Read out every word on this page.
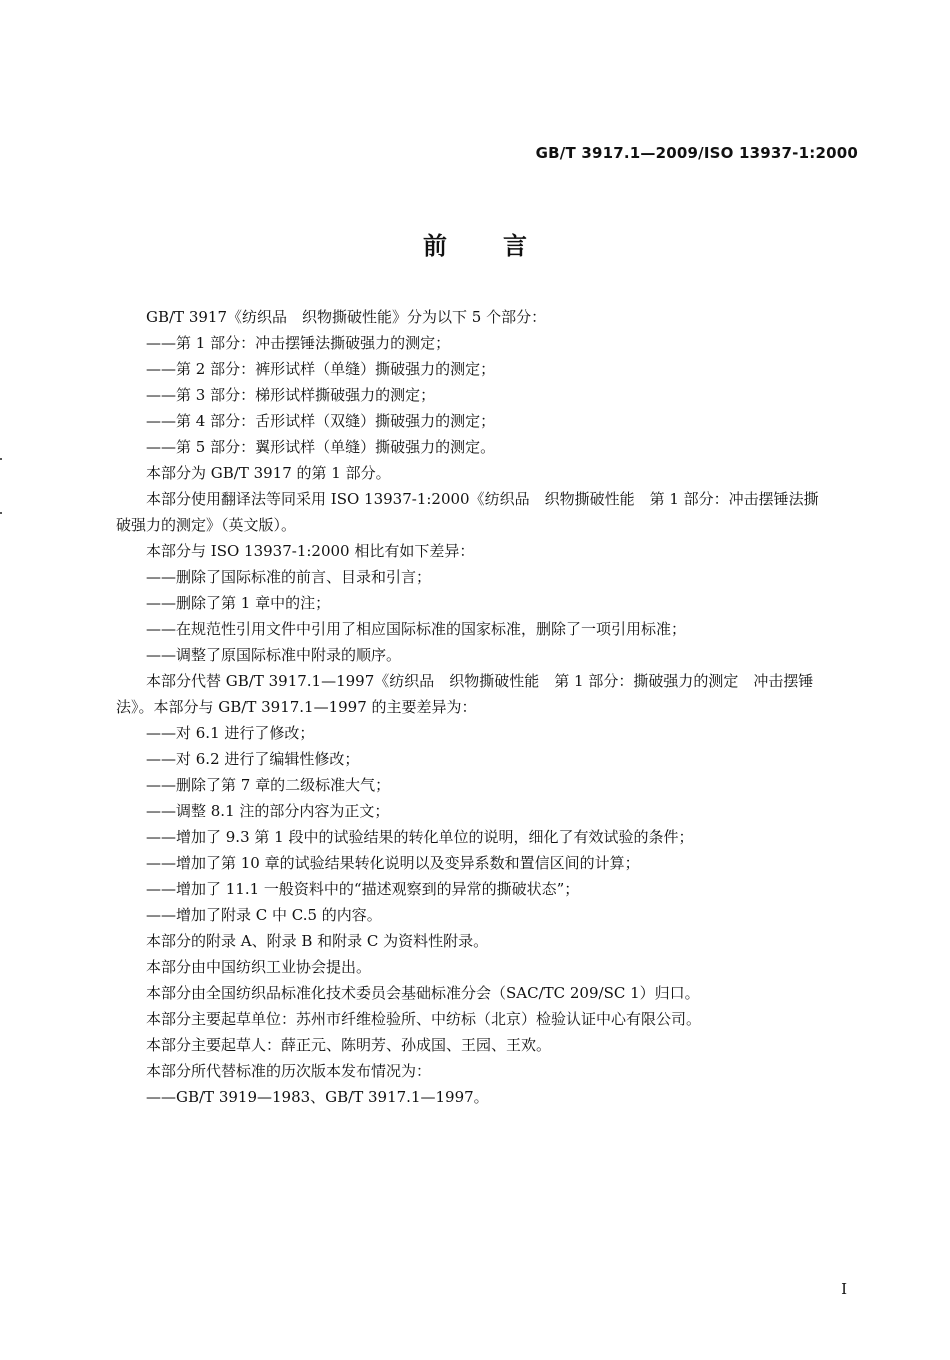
GB/T 3917.1—2009/ISO 13937-1:2000
前言
GB/T 3917《纺织品　织物撕破性能》分为以下 5 个部分：
——第 1 部分：冲击摆锤法撕破强力的测定；
——第 2 部分：裤形试样（单缝）撕破强力的测定；
——第 3 部分：梯形试样撕破强力的测定；
——第 4 部分：舌形试样（双缝）撕破强力的测定；
——第 5 部分：翼形试样（单缝）撕破强力的测定。
本部分为 GB/T 3917 的第 1 部分。
本部分使用翻译法等同采用 ISO 13937-1:2000《纺织品　织物撕破性能　第 1 部分：冲击摆锤法撕
破强力的测定》（英文版）。
本部分与 ISO 13937-1:2000 相比有如下差异：
——删除了国际标准的前言、目录和引言；
——删除了第 1 章中的注；
——在规范性引用文件中引用了相应国际标准的国家标准，删除了一项引用标准；
——调整了原国际标准中附录的顺序。
本部分代替 GB/T 3917.1—1997《纺织品　织物撕破性能　第 1 部分：撕破强力的测定　冲击摆锤
法》。本部分与 GB/T 3917.1—1997 的主要差异为：
——对 6.1 进行了修改；
——对 6.2 进行了编辑性修改；
——删除了第 7 章的二级标准大气；
——调整 8.1 注的部分内容为正文；
——增加了 9.3 第 1 段中的试验结果的转化单位的说明，细化了有效试验的条件；
——增加了第 10 章的试验结果转化说明以及变异系数和置信区间的计算；
——增加了 11.1 一般资料中的“描述观察到的异常的撕破状态”；
——增加了附录 C 中 C.5 的内容。
本部分的附录 A、附录 B 和附录 C 为资料性附录。
本部分由中国纺织工业协会提出。
本部分由全国纺织品标准化技术委员会基础标准分会（SAC/TC 209/SC 1）归口。
本部分主要起草单位：苏州市纤维检验所、中纺标（北京）检验认证中心有限公司。
本部分主要起草人：薛正元、陈明芳、孙成国、王园、王欢。
本部分所代替标准的历次版本发布情况为：
——GB/T 3919—1983、GB/T 3917.1—1997。
I
